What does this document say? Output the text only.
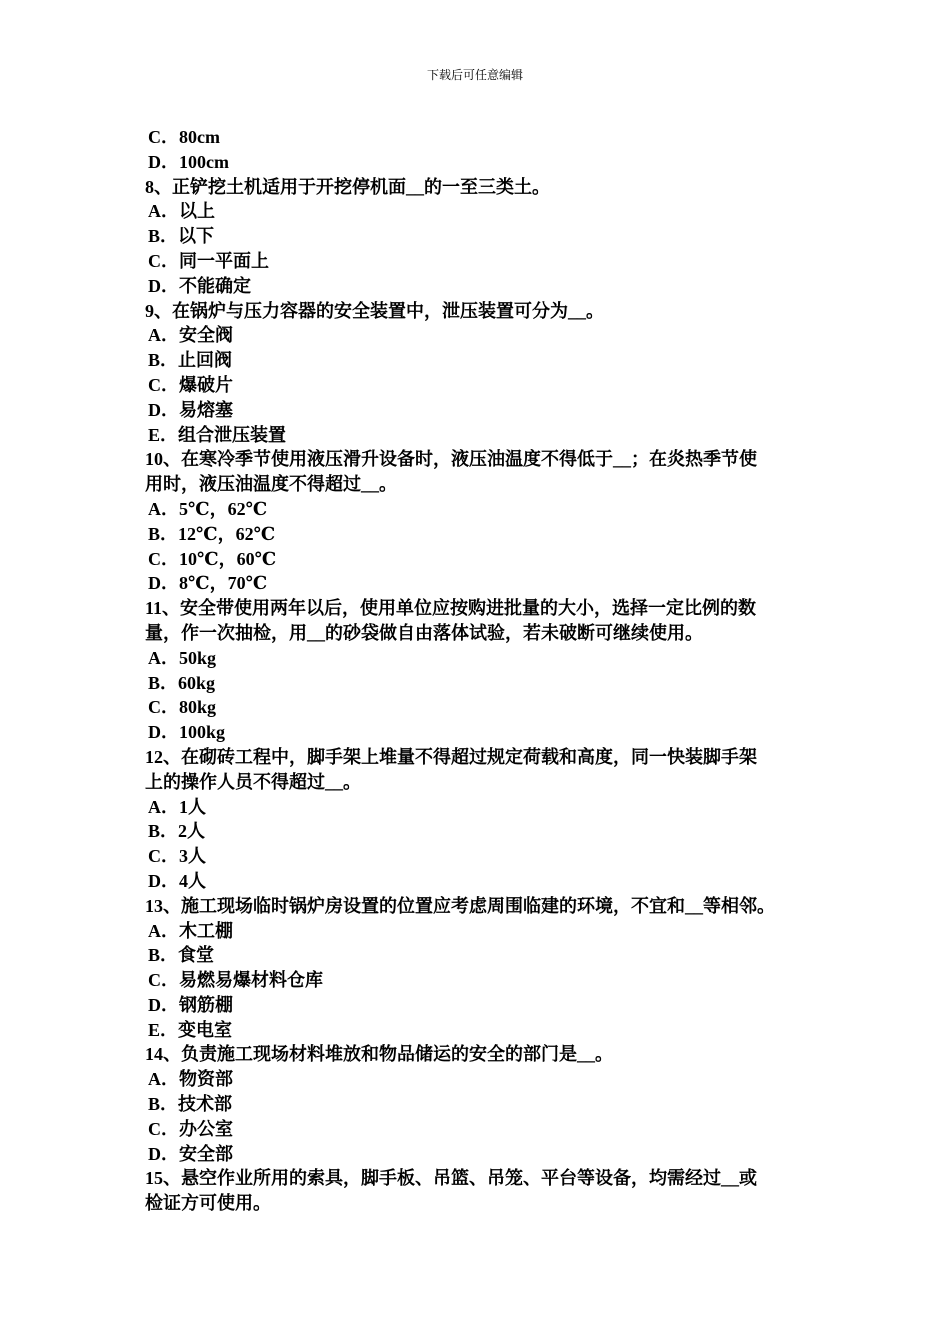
下载后可任意编辑
C．80cm
D．100cm
8、正铲挖土机适用于开挖停机面__的一至三类土。
A．以上
B．以下
C．同一平面上
D．不能确定
9、在锅炉与压力容器的安全装置中，泄压装置可分为__。
A．安全阀
B．止回阀
C．爆破片
D．易熔塞
E．组合泄压装置
10、在寒冷季节使用液压滑升设备时，液压油温度不得低于__；在炎热季节使
用时，液压油温度不得超过__。
A．5℃，62℃
B．12℃，62℃
C．10℃，60℃
D．8℃，70℃
11、安全带使用两年以后，使用单位应按购进批量的大小，选择一定比例的数
量，作一次抽检，用__的砂袋做自由落体试验，若未破断可继续使用。
A．50kg
B．60kg
C．80kg
D．100kg
12、在砌砖工程中，脚手架上堆量不得超过规定荷载和高度，同一快装脚手架
上的操作人员不得超过__。
A．1人
B．2人
C．3人
D．4人
13、施工现场临时锅炉房设置的位置应考虑周围临建的环境，不宜和__等相邻。
A．木工棚
B．食堂
C．易燃易爆材料仓库
D．钢筋棚
E．变电室
14、负责施工现场材料堆放和物品储运的安全的部门是__。
A．物资部
B．技术部
C．办公室
D．安全部
15、悬空作业所用的索具，脚手板、吊篮、吊笼、平台等设备，均需经过__或
检证方可使用。
